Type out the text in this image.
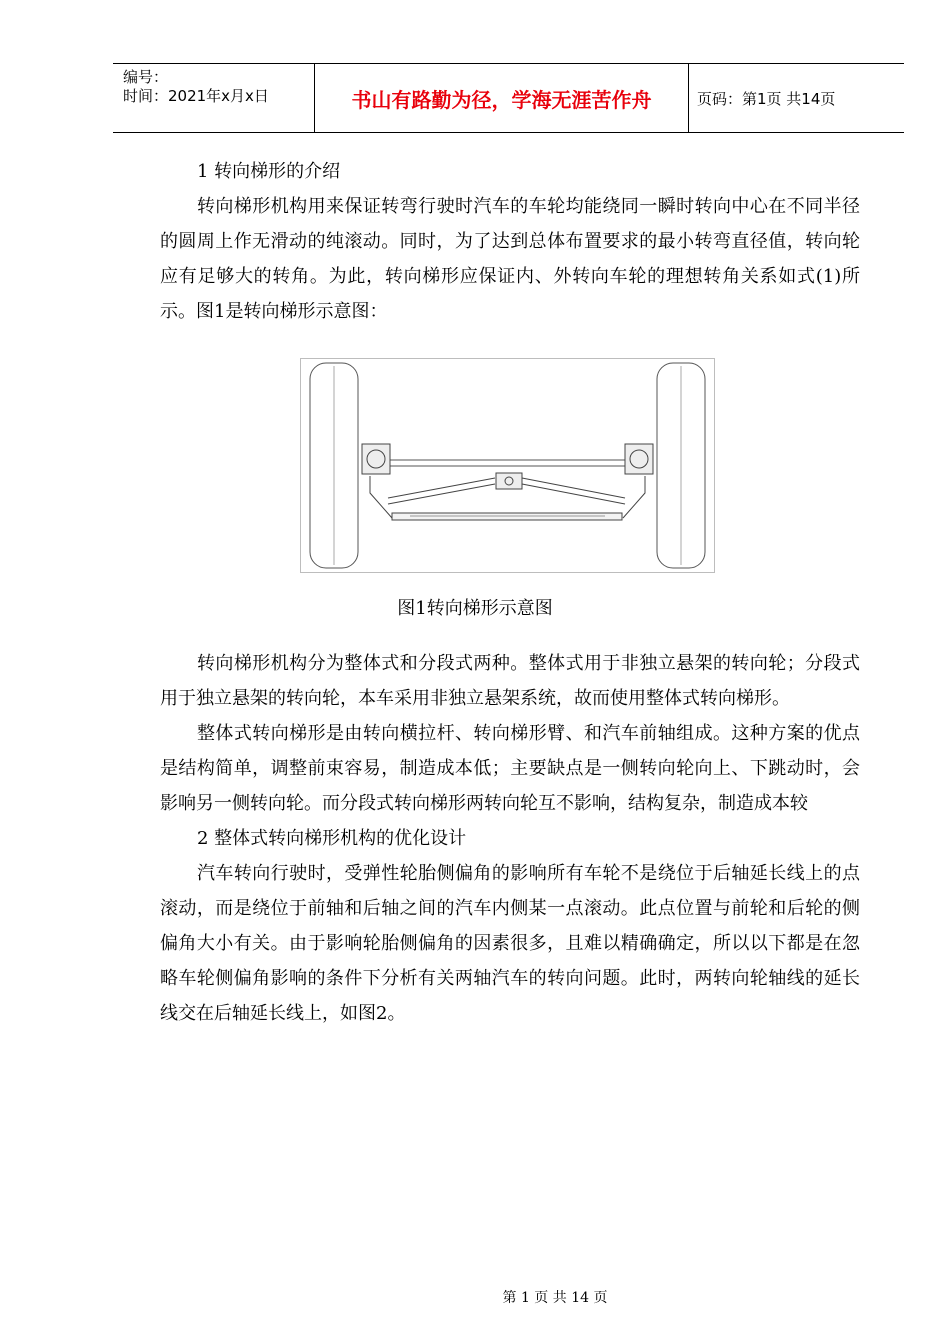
编号：
时间：2021年x月x日	书山有路勤为径，学海无涯苦作舟	页码：第1页 共14页

1 转向梯形的介绍

转向梯形机构用来保证转弯行驶时汽车的车轮均能绕同一瞬时转向中心在不同半径的圆周上作无滑动的纯滚动。同时，为了达到总体布置要求的最小转弯直径值，转向轮应有足够大的转角。为此，转向梯形应保证内、外转向车轮的理想转角关系如式(1)所示。图1是转向梯形示意图：

图1转向梯形示意图

转向梯形机构分为整体式和分段式两种。整体式用于非独立悬架的转向轮；分段式用于独立悬架的转向轮，本车采用非独立悬架系统，故而使用整体式转向梯形。

整体式转向梯形是由转向横拉杆、转向梯形臂、和汽车前轴组成。这种方案的优点是结构简单，调整前束容易，制造成本低；主要缺点是一侧转向轮向上、下跳动时，会影响另一侧转向轮。而分段式转向梯形两转向轮互不影响，结构复杂，制造成本较

2 整体式转向梯形机构的优化设计

汽车转向行驶时，受弹性轮胎侧偏角的影响所有车轮不是绕位于后轴延长线上的点滚动，而是绕位于前轴和后轴之间的汽车内侧某一点滚动。此点位置与前轮和后轮的侧偏角大小有关。由于影响轮胎侧偏角的因素很多，且难以精确确定，所以以下都是在忽略车轮侧偏角影响的条件下分析有关两轴汽车的转向问题。此时，两转向轮轴线的延长线交在后轴延长线上，如图2。

第 1 页 共 14 页
